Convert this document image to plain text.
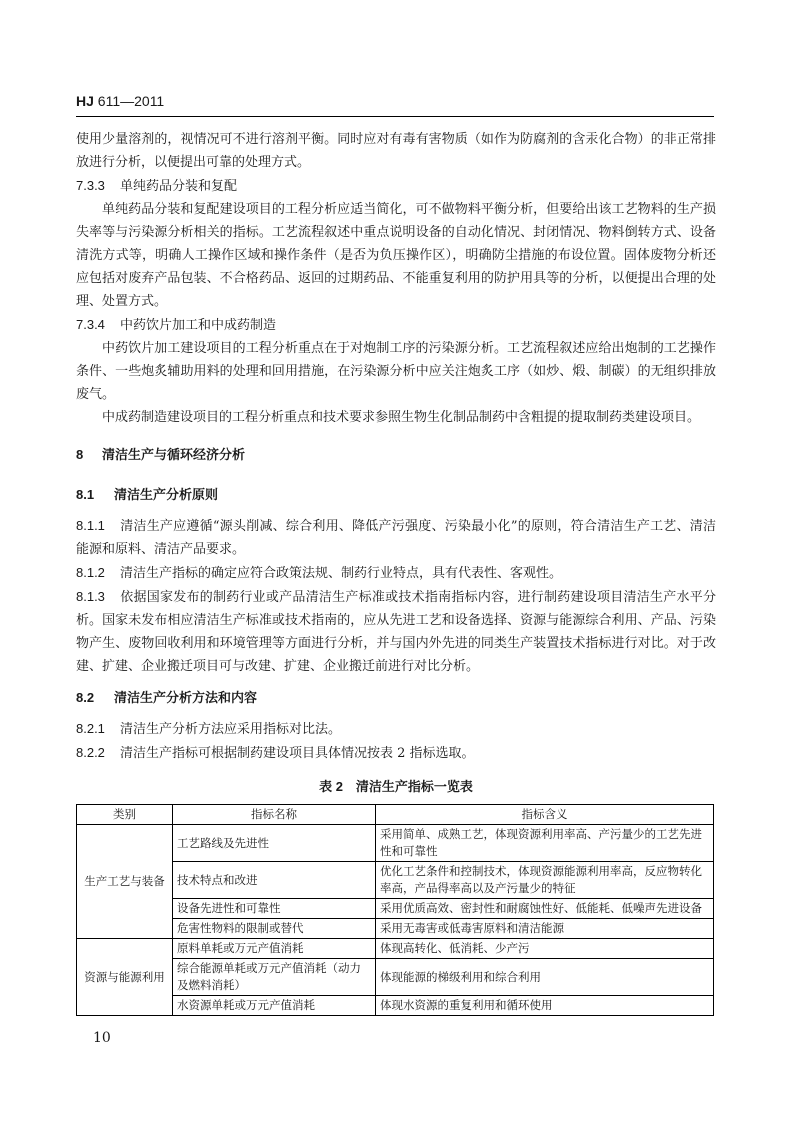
HJ 611—2011

使用少量溶剂的，视情况可不进行溶剂平衡。同时应对有毒有害物质（如作为防腐剂的含汞化合物）的非正常排放进行分析，以便提出可靠的处理方式。

7.3.3 单纯药品分装和复配

单纯药品分装和复配建设项目的工程分析应适当简化，可不做物料平衡分析，但要给出该工艺物料的生产损失率等与污染源分析相关的指标。工艺流程叙述中重点说明设备的自动化情况、封闭情况、物料倒转方式、设备清洗方式等，明确人工操作区域和操作条件（是否为负压操作区），明确防尘措施的布设位置。固体废物分析还应包括对废弃产品包装、不合格药品、返回的过期药品、不能重复利用的防护用具等的分析，以便提出合理的处理、处置方式。

7.3.4 中药饮片加工和中成药制造

中药饮片加工建设项目的工程分析重点在于对炮制工序的污染源分析。工艺流程叙述应给出炮制的工艺操作条件、一些炮炙辅助用料的处理和回用措施，在污染源分析中应关注炮炙工序（如炒、煅、制碳）的无组织排放废气。

中成药制造建设项目的工程分析重点和技术要求参照生物生化制品制药中含粗提的提取制药类建设项目。

8 清洁生产与循环经济分析

8.1 清洁生产分析原则

8.1.1 清洁生产应遵循“源头削减、综合利用、降低产污强度、污染最小化”的原则，符合清洁生产工艺、清洁能源和原料、清洁产品要求。

8.1.2 清洁生产指标的确定应符合政策法规、制药行业特点，具有代表性、客观性。

8.1.3 依据国家发布的制药行业或产品清洁生产标准或技术指南指标内容，进行制药建设项目清洁生产水平分析。国家未发布相应清洁生产标准或技术指南的，应从先进工艺和设备选择、资源与能源综合利用、产品、污染物产生、废物回收利用和环境管理等方面进行分析，并与国内外先进的同类生产装置技术指标进行对比。对于改建、扩建、企业搬迁项目可与改建、扩建、企业搬迁前进行对比分析。

8.2 清洁生产分析方法和内容

8.2.1 清洁生产分析方法应采用指标对比法。

8.2.2 清洁生产指标可根据制药建设项目具体情况按表 2 指标选取。

表 2　清洁生产指标一览表

类别	指标名称	指标含义
生产工艺与装备	工艺路线及先进性	采用简单、成熟工艺，体现资源利用率高、产污量少的工艺先进性和可靠性
	技术特点和改进	优化工艺条件和控制技术，体现资源能源利用率高，反应物转化率高，产品得率高以及产污量少的特征
	设备先进性和可靠性	采用优质高效、密封性和耐腐蚀性好、低能耗、低噪声先进设备
	危害性物料的限制或替代	采用无毒害或低毒害原料和清洁能源
资源与能源利用	原料单耗或万元产值消耗	体现高转化、低消耗、少产污
	综合能源单耗或万元产值消耗（动力及燃料消耗）	体现能源的梯级利用和综合利用
	水资源单耗或万元产值消耗	体现水资源的重复利用和循环使用
10
